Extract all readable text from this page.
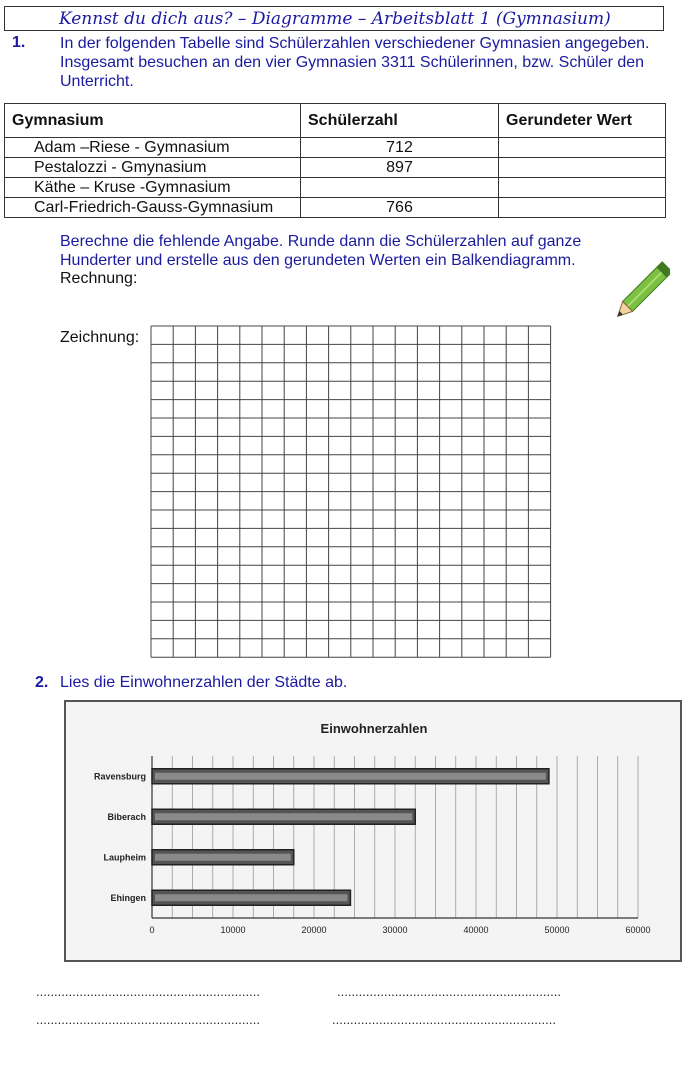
Kennst du dich aus? – Diagramme – Arbeitsblatt 1 (Gymnasium)
1. In der folgenden Tabelle sind Schülerzahlen verschiedener Gymnasien angegeben. Insgesamt besuchen an den vier Gymnasien 3311 Schülerinnen, bzw. Schüler den Unterricht.
Gymnasium	Schülerzahl	Gerundeter Wert
Adam –Riese - Gymnasium	712	
Pestalozzi - Gmynasium	897	
Käthe – Kruse -Gymnasium		
Carl-Friedrich-Gauss-Gymnasium	766	
Berechne die fehlende Angabe. Runde dann die Schülerzahlen auf ganze Hunderter und erstelle aus den gerundeten Werten ein Balkendiagramm.
Rechnung:
Zeichnung:
2. Lies die Einwohnerzahlen der Städte ab.
Einwohnerzahlen
0	10000	20000	30000	40000	50000	60000
Ravensburg
Biberach
Laupheim
Ehingen
..............................................................	..............................................................
..............................................................	..............................................................
